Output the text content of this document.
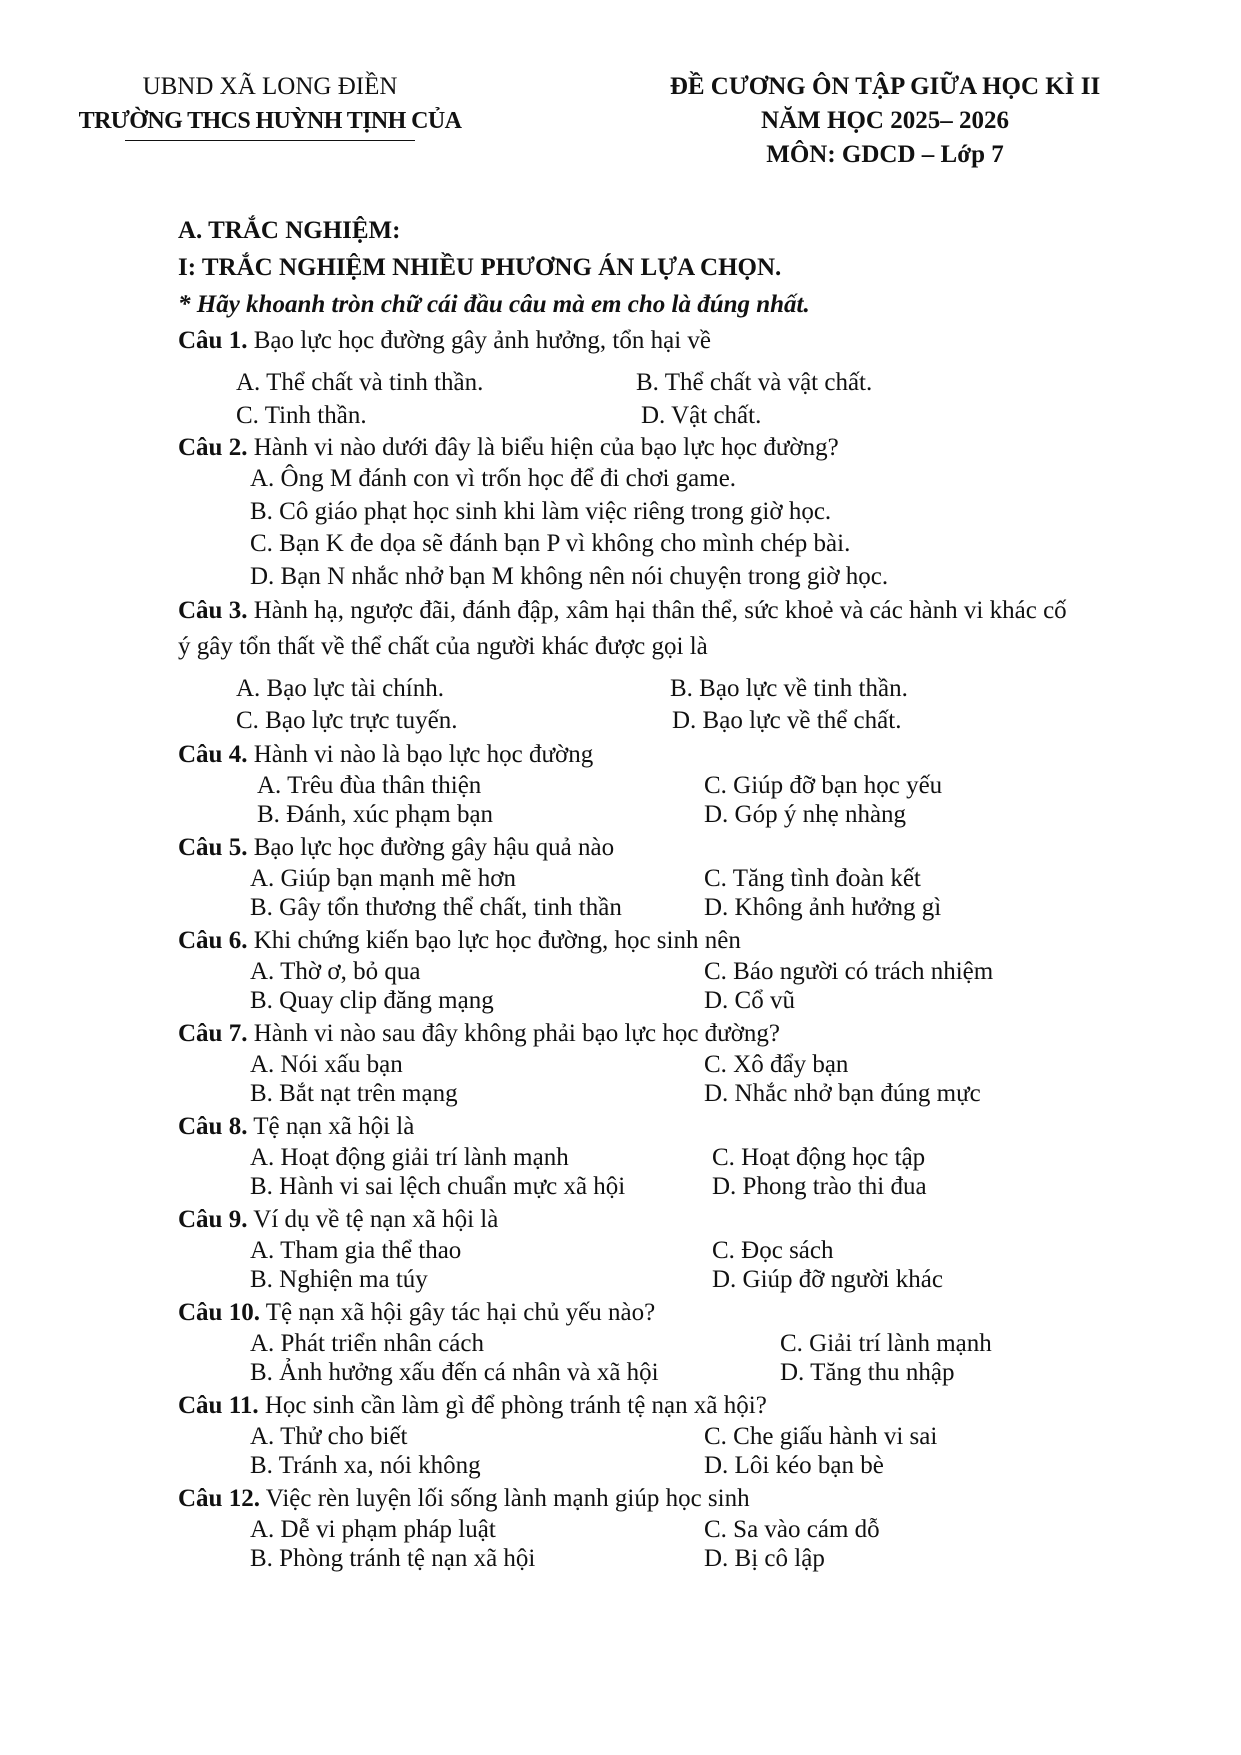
UBND XÃ LONG ĐIỀN
TRƯỜNG THCS HUỲNH TỊNH CỦA
ĐỀ CƯƠNG ÔN TẬP GIỮA HỌC KÌ II
NĂM HỌC 2025– 2026
MÔN: GDCD – Lớp 7
A. TRẮC NGHIỆM:
I: TRẮC NGHIỆM NHIỀU PHƯƠNG ÁN LỰA CHỌN.
* Hãy khoanh tròn chữ cái đầu câu mà em cho là đúng nhất.
Câu 1. Bạo lực học đường gây ảnh hưởng, tổn hại về
A. Thể chất và tinh thần.	B. Thể chất và vật chất.
C. Tinh thần.	D. Vật chất.
Câu 2. Hành vi nào dưới đây là biểu hiện của bạo lực học đường?
A. Ông M đánh con vì trốn học để đi chơi game.
B. Cô giáo phạt học sinh khi làm việc riêng trong giờ học.
C. Bạn K đe dọa sẽ đánh bạn P vì không cho mình chép bài.
D. Bạn N nhắc nhở bạn M không nên nói chuyện trong giờ học.
Câu 3. Hành hạ, ngược đãi, đánh đập, xâm hại thân thể, sức khoẻ và các hành vi khác cố
ý gây tổn thất về thể chất của người khác được gọi là
A. Bạo lực tài chính.	B. Bạo lực về tinh thần.
C. Bạo lực trực tuyến.	D. Bạo lực về thể chất.
Câu 4. Hành vi nào là bạo lực học đường
A. Trêu đùa thân thiện	C. Giúp đỡ bạn học yếu
B. Đánh, xúc phạm bạn	D. Góp ý nhẹ nhàng
Câu 5. Bạo lực học đường gây hậu quả nào
A. Giúp bạn mạnh mẽ hơn	C. Tăng tình đoàn kết
B. Gây tổn thương thể chất, tinh thần	D. Không ảnh hưởng gì
Câu 6. Khi chứng kiến bạo lực học đường, học sinh nên
A. Thờ ơ, bỏ qua	C. Báo người có trách nhiệm
B. Quay clip đăng mạng	D. Cổ vũ
Câu 7. Hành vi nào sau đây không phải bạo lực học đường?
A. Nói xấu bạn	C. Xô đẩy bạn
B. Bắt nạt trên mạng	D. Nhắc nhở bạn đúng mực
Câu 8. Tệ nạn xã hội là
A. Hoạt động giải trí lành mạnh	C. Hoạt động học tập
B. Hành vi sai lệch chuẩn mực xã hội	D. Phong trào thi đua
Câu 9. Ví dụ về tệ nạn xã hội là
A. Tham gia thể thao	C. Đọc sách
B. Nghiện ma túy	D. Giúp đỡ người khác
Câu 10. Tệ nạn xã hội gây tác hại chủ yếu nào?
A. Phát triển nhân cách	C. Giải trí lành mạnh
B. Ảnh hưởng xấu đến cá nhân và xã hội	D. Tăng thu nhập
Câu 11. Học sinh cần làm gì để phòng tránh tệ nạn xã hội?
A. Thử cho biết	C. Che giấu hành vi sai
B. Tránh xa, nói không	D. Lôi kéo bạn bè
Câu 12. Việc rèn luyện lối sống lành mạnh giúp học sinh
A. Dễ vi phạm pháp luật	C. Sa vào cám dỗ
B. Phòng tránh tệ nạn xã hội	D. Bị cô lập
